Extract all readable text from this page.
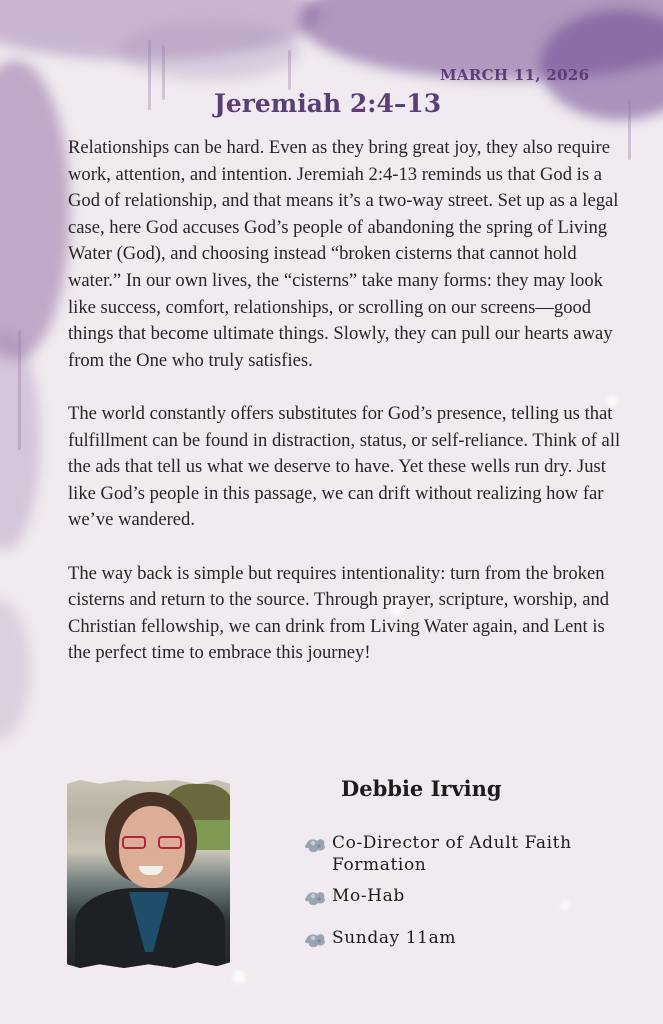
MARCH 11, 2026
Jeremiah 2:4–13

Relationships can be hard. Even as they bring great joy, they also require work, attention, and intention. Jeremiah 2:4-13 reminds us that God is a God of relationship, and that means it’s a two-way street. Set up as a legal case, here God accuses God’s people of abandoning the spring of Living Water (God), and choosing instead “broken cisterns that cannot hold water.” In our own lives, the “cisterns” take many forms: they may look like success, comfort, relationships, or scrolling on our screens—good things that become ultimate things. Slowly, they can pull our hearts away from the One who truly satisfies.

The world constantly offers substitutes for God’s presence, telling us that fulfillment can be found in distraction, status, or self-reliance. Think of all the ads that tell us what we deserve to have. Yet these wells run dry. Just like God’s people in this passage, we can drift without realizing how far we’ve wandered.

The way back is simple but requires intentionality: turn from the broken cisterns and return to the source. Through prayer, scripture, worship, and Christian fellowship, we can drink from Living Water again, and Lent is the perfect time to embrace this journey!

Debbie Irving
Co-Director of Adult Faith Formation
Mo-Hab
Sunday 11am
